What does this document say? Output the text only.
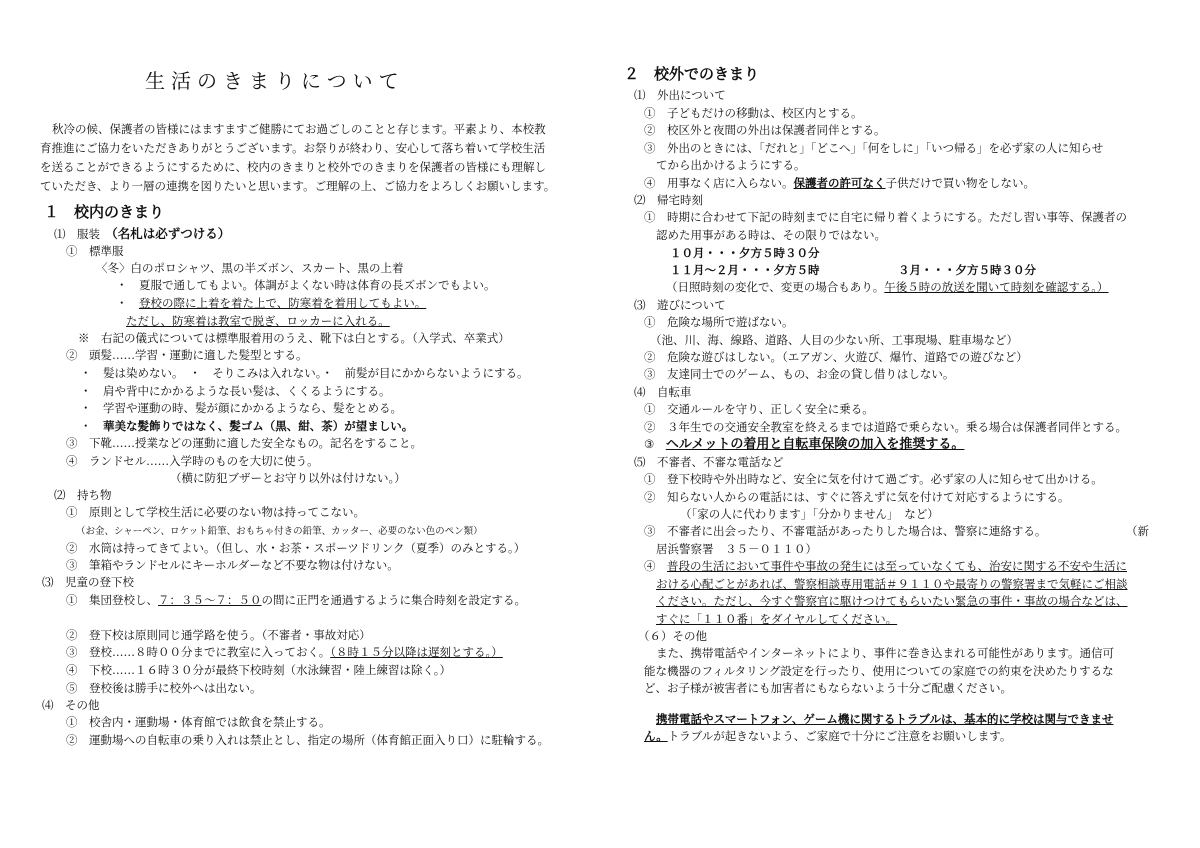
生活のきまりについて
秋冷の候、保護者の皆様にはますますご健勝にてお過ごしのことと存じます。平素より、本校教
育推進にご協力をいただきありがとうございます。お祭りが終わり、安心して落ち着いて学校生活
を送ることができるようにするために、校内のきまりと校外でのきまりを保護者の皆様にも理解し
ていただき、より一層の連携を図りたいと思います。ご理解の上、ご協力をよろしくお願いします。
１　校内のきまり
⑴　服装　（名札は必ずつける）
①　標準服
〈冬〉白のポロシャツ、黒の半ズボン、スカート、黒の上着
・　夏服で通してもよい。体調がよくない時は体育の長ズボンでもよい。
・　登校の際に上着を着た上で、防寒着を着用してもよい。
ただし、防寒着は教室で脱ぎ、ロッカーに入れる。
※　右記の儀式については標準服着用のうえ、靴下は白とする。（入学式、卒業式）
②　頭髪……学習・運動に適した髪型とする。
・　髪は染めない。　・　そりこみは入れない。・　前髪が目にかからないようにする。
・　肩や背中にかかるような長い髪は、くくるようにする。
・　学習や運動の時、髪が顔にかかるようなら、髪をとめる。
・　華美な髪飾りではなく、髪ゴム（黒、紺、茶）が望ましい。
③　下靴……授業などの運動に適した安全なもの。記名をすること。
④　ランドセル……入学時のものを大切に使う。
（横に防犯ブザーとお守り以外は付けない。）
⑵　持ち物
①　原則として学校生活に必要のない物は持ってこない。
（お金、シャーペン、ロケット鉛筆、おもちゃ付きの鉛筆、カッター、必要のない色のペン類）
②　水筒は持ってきてよい。（但し、水・お茶・スポーツドリンク（夏季）のみとする。）
③　筆箱やランドセルにキーホルダーなど不要な物は付けない。
⑶　児童の登下校
①　集団登校し、７：３５～７：５０の間に正門を通過するように集合時刻を設定する。
②　登下校は原則同じ通学路を使う。（不審者・事故対応）
③　登校……８時００分までに教室に入っておく。（８時１５分以降は遅刻とする。）
④　下校……１６時３０分が最終下校時刻（水泳練習・陸上練習は除く。）
⑤　登校後は勝手に校外へは出ない。
⑷　その他
①　校舎内・運動場・体育館では飲食を禁止する。
②　運動場への自転車の乗り入れは禁止とし、指定の場所（体育館正面入り口）に駐輪する。
２　校外でのきまり
⑴　外出について
①　子どもだけの移動は、校区内とする。
②　校区外と夜間の外出は保護者同伴とする。
③　外出のときには、「だれと」「どこへ」「何をしに」「いつ帰る」を必ず家の人に知らせ
てから出かけるようにする。
④　用事なく店に入らない。保護者の許可なく子供だけで買い物をしない。
⑵　帰宅時刻
①　時期に合わせて下記の時刻までに自宅に帰り着くようにする。ただし習い事等、保護者の
認めた用事がある時は、その限りではない。
１０月・・・夕方５時３０分
１１月～２月・・・夕方５時	３月・・・夕方５時３０分
（日照時刻の変化で、変更の場合もあり。午後５時の放送を聞いて時刻を確認する。）
⑶　遊びについて
①　危険な場所で遊ばない。
（池、川、海、線路、道路、人目の少ない所、工事現場、駐車場など）
②　危険な遊びはしない。（エアガン、火遊び、爆竹、道路での遊びなど）
③　友達同士でのゲーム、もの、お金の貸し借りはしない。
⑷　自転車
①　交通ルールを守り、正しく安全に乗る。
②　３年生での交通安全教室を終えるまでは道路で乗らない。乗る場合は保護者同伴とする。
③　ヘルメットの着用と自転車保険の加入を推奨する。
⑸　不審者、不審な電話など
①　登下校時や外出時など、安全に気を付けて過ごす。必ず家の人に知らせて出かける。
②　知らない人からの電話には、すぐに答えずに気を付けて対応するようにする。
（「家の人に代わります」「分かりません」　など）
③　不審者に出会ったり、不審電話があったりした場合は、警察に連絡する。	（新
居浜警察署　３５－０１１０）
④　普段の生活において事件や事故の発生には至っていなくても、治安に関する不安や生活に
おける心配ごとがあれば、警察相談専用電話＃９１１０や最寄りの警察署まで気軽にご相談
ください。ただし、今すぐ警察官に駆けつけてもらいたい緊急の事件・事故の場合などは、
すぐに「１１０番」をダイヤルしてください。
（６）その他
また、携帯電話やインターネットにより、事件に巻き込まれる可能性があります。通信可
能な機器のフィルタリング設定を行ったり、使用についての家庭での約束を決めたりするな
ど、お子様が被害者にも加害者にもならないよう十分ご配慮ください。
携帯電話やスマートフォン、ゲーム機に関するトラブルは、基本的に学校は関与できませ
ん。トラブルが起きないよう、ご家庭で十分にご注意をお願いします。
